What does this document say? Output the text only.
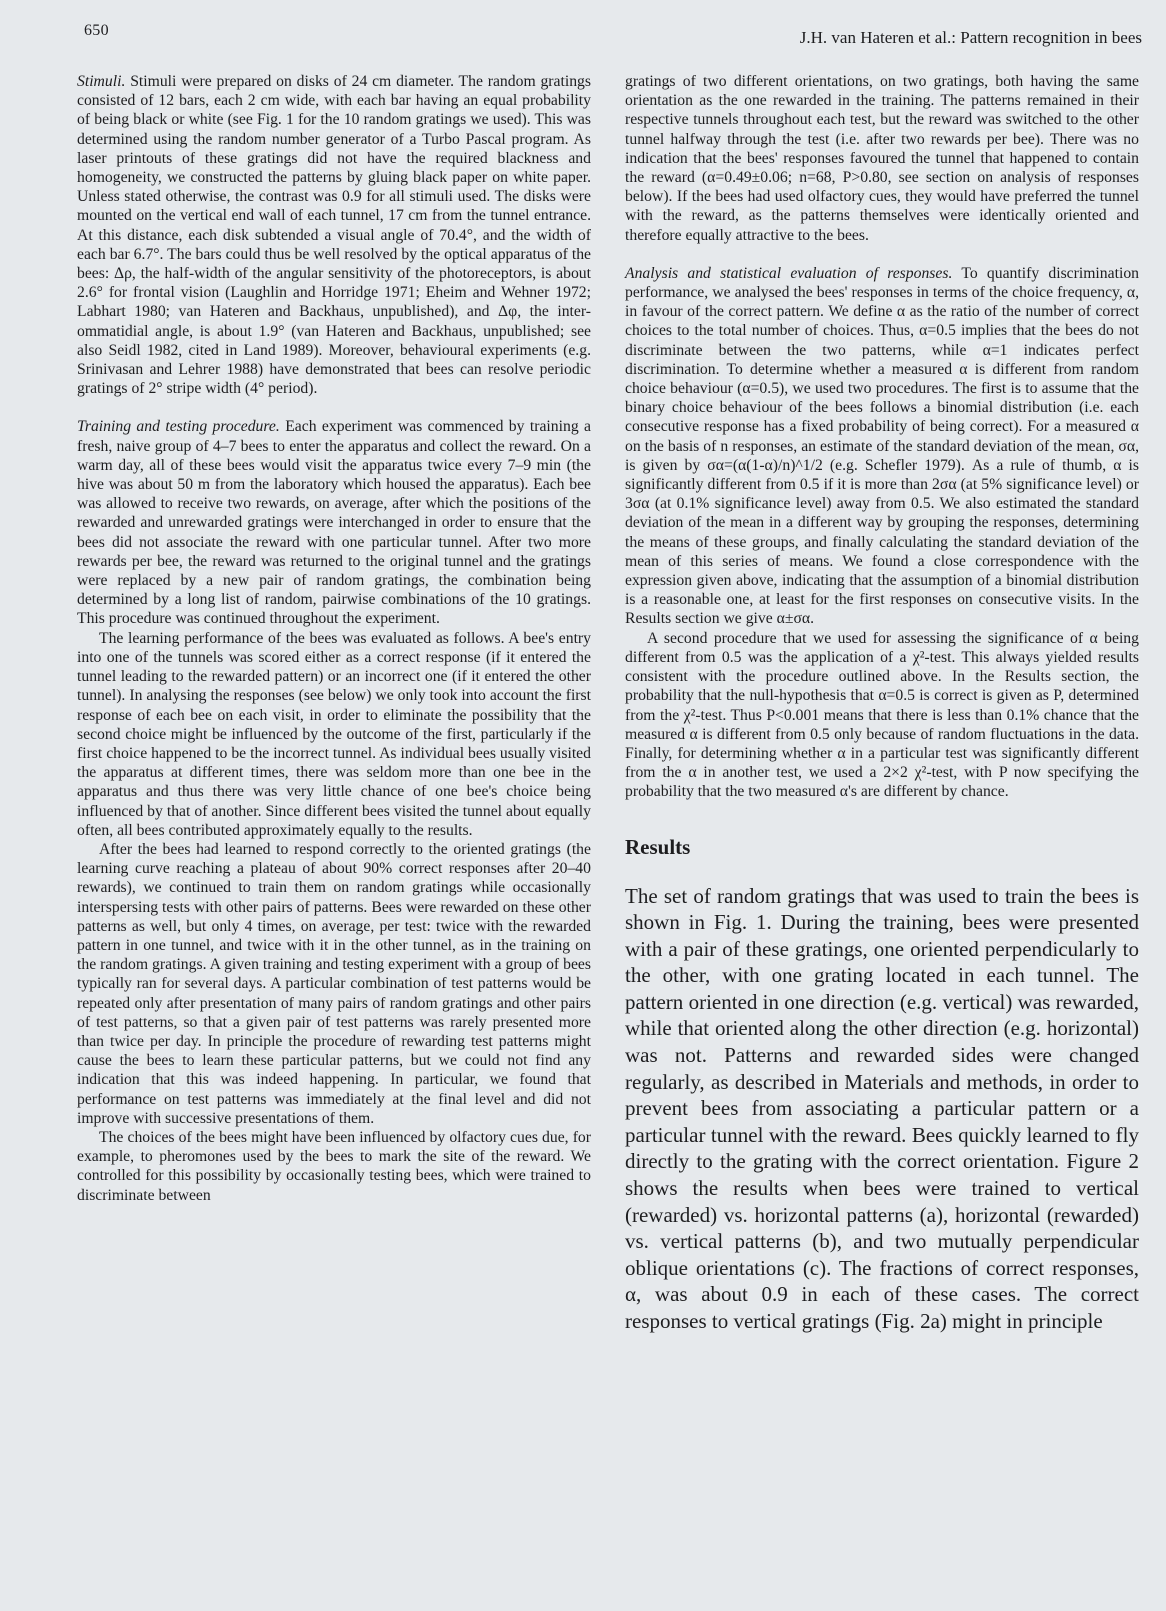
650	J.H. van Hateren et al.: Pattern recognition in bees

Stimuli. Stimuli were prepared on disks of 24 cm diameter. The random gratings consisted of 12 bars, each 2 cm wide, with each bar having an equal probability of being black or white (see Fig. 1 for the 10 random gratings we used). This was determined using the random number generator of a Turbo Pascal program. As laser printouts of these gratings did not have the required blackness and homogeneity, we constructed the patterns by gluing black paper on white paper. Unless stated otherwise, the contrast was 0.9 for all stimuli used. The disks were mounted on the vertical end wall of each tunnel, 17 cm from the tunnel entrance. At this distance, each disk subtended a visual angle of 70.4°, and the width of each bar 6.7°. The bars could thus be well resolved by the optical apparatus of the bees: Δρ, the half-width of the angular sensitivity of the photoreceptors, is about 2.6° for frontal vision (Laughlin and Horridge 1971; Eheim and Wehner 1972; Labhart 1980; van Hateren and Backhaus, unpublished), and Δφ, the inter-ommatidial angle, is about 1.9° (van Hateren and Backhaus, unpublished; see also Seidl 1982, cited in Land 1989). Moreover, behavioural experiments (e.g. Srinivasan and Lehrer 1988) have demonstrated that bees can resolve periodic gratings of 2° stripe width (4° period).

Training and testing procedure. Each experiment was commenced by training a fresh, naive group of 4–7 bees to enter the apparatus and collect the reward. On a warm day, all of these bees would visit the apparatus twice every 7–9 min (the hive was about 50 m from the laboratory which housed the apparatus). Each bee was allowed to receive two rewards, on average, after which the positions of the rewarded and unrewarded gratings were interchanged in order to ensure that the bees did not associate the reward with one particular tunnel. After two more rewards per bee, the reward was returned to the original tunnel and the gratings were replaced by a new pair of random gratings, the combination being determined by a long list of random, pairwise combinations of the 10 gratings. This procedure was continued throughout the experiment.

The learning performance of the bees was evaluated as follows. A bee's entry into one of the tunnels was scored either as a correct response (if it entered the tunnel leading to the rewarded pattern) or an incorrect one (if it entered the other tunnel). In analysing the responses (see below) we only took into account the first response of each bee on each visit, in order to eliminate the possibility that the second choice might be influenced by the outcome of the first, particularly if the first choice happened to be the incorrect tunnel. As individual bees usually visited the apparatus at different times, there was seldom more than one bee in the apparatus and thus there was very little chance of one bee's choice being influenced by that of another. Since different bees visited the tunnel about equally often, all bees contributed approximately equally to the results.

After the bees had learned to respond correctly to the oriented gratings (the learning curve reaching a plateau of about 90% correct responses after 20–40 rewards), we continued to train them on random gratings while occasionally interspersing tests with other pairs of patterns. Bees were rewarded on these other patterns as well, but only 4 times, on average, per test: twice with the rewarded pattern in one tunnel, and twice with it in the other tunnel, as in the training on the random gratings. A given training and testing experiment with a group of bees typically ran for several days. A particular combination of test patterns would be repeated only after presentation of many pairs of random gratings and other pairs of test patterns, so that a given pair of test patterns was rarely presented more than twice per day. In principle the procedure of rewarding test patterns might cause the bees to learn these particular patterns, but we could not find any indication that this was indeed happening. In particular, we found that performance on test patterns was immediately at the final level and did not improve with successive presentations of them.

The choices of the bees might have been influenced by olfactory cues due, for example, to pheromones used by the bees to mark the site of the reward. We controlled for this possibility by occasionally testing bees, which were trained to discriminate between

gratings of two different orientations, on two gratings, both having the same orientation as the one rewarded in the training. The patterns remained in their respective tunnels throughout each test, but the reward was switched to the other tunnel halfway through the test (i.e. after two rewards per bee). There was no indication that the bees' responses favoured the tunnel that happened to contain the reward (α=0.49±0.06; n=68, P>0.80, see section on analysis of responses below). If the bees had used olfactory cues, they would have preferred the tunnel with the reward, as the patterns themselves were identically oriented and therefore equally attractive to the bees.

Analysis and statistical evaluation of responses. To quantify discrimination performance, we analysed the bees' responses in terms of the choice frequency, α, in favour of the correct pattern. We define α as the ratio of the number of correct choices to the total number of choices. Thus, α=0.5 implies that the bees do not discriminate between the two patterns, while α=1 indicates perfect discrimination. To determine whether a measured α is different from random choice behaviour (α=0.5), we used two procedures. The first is to assume that the binary choice behaviour of the bees follows a binomial distribution (i.e. each consecutive response has a fixed probability of being correct). For a measured α on the basis of n responses, an estimate of the standard deviation of the mean, σα, is given by σα=(α(1-α)/n)^1/2 (e.g. Schefler 1979). As a rule of thumb, α is significantly different from 0.5 if it is more than 2σα (at 5% significance level) or 3σα (at 0.1% significance level) away from 0.5. We also estimated the standard deviation of the mean in a different way by grouping the responses, determining the means of these groups, and finally calculating the standard deviation of the mean of this series of means. We found a close correspondence with the expression given above, indicating that the assumption of a binomial distribution is a reasonable one, at least for the first responses on consecutive visits. In the Results section we give α±σα.

A second procedure that we used for assessing the significance of α being different from 0.5 was the application of a χ²-test. This always yielded results consistent with the procedure outlined above. In the Results section, the probability that the null-hypothesis that α=0.5 is correct is given as P, determined from the χ²-test. Thus P<0.001 means that there is less than 0.1% chance that the measured α is different from 0.5 only because of random fluctuations in the data. Finally, for determining whether α in a particular test was significantly different from the α in another test, we used a 2×2 χ²-test, with P now specifying the probability that the two measured α's are different by chance.

Results

The set of random gratings that was used to train the bees is shown in Fig. 1. During the training, bees were presented with a pair of these gratings, one oriented perpendicularly to the other, with one grating located in each tunnel. The pattern oriented in one direction (e.g. vertical) was rewarded, while that oriented along the other direction (e.g. horizontal) was not. Patterns and rewarded sides were changed regularly, as described in Materials and methods, in order to prevent bees from associating a particular pattern or a particular tunnel with the reward. Bees quickly learned to fly directly to the grating with the correct orientation. Figure 2 shows the results when bees were trained to vertical (rewarded) vs. horizontal patterns (a), horizontal (rewarded) vs. vertical patterns (b), and two mutually perpendicular oblique orientations (c). The fractions of correct responses, α, was about 0.9 in each of these cases. The correct responses to vertical gratings (Fig. 2a) might in principle
